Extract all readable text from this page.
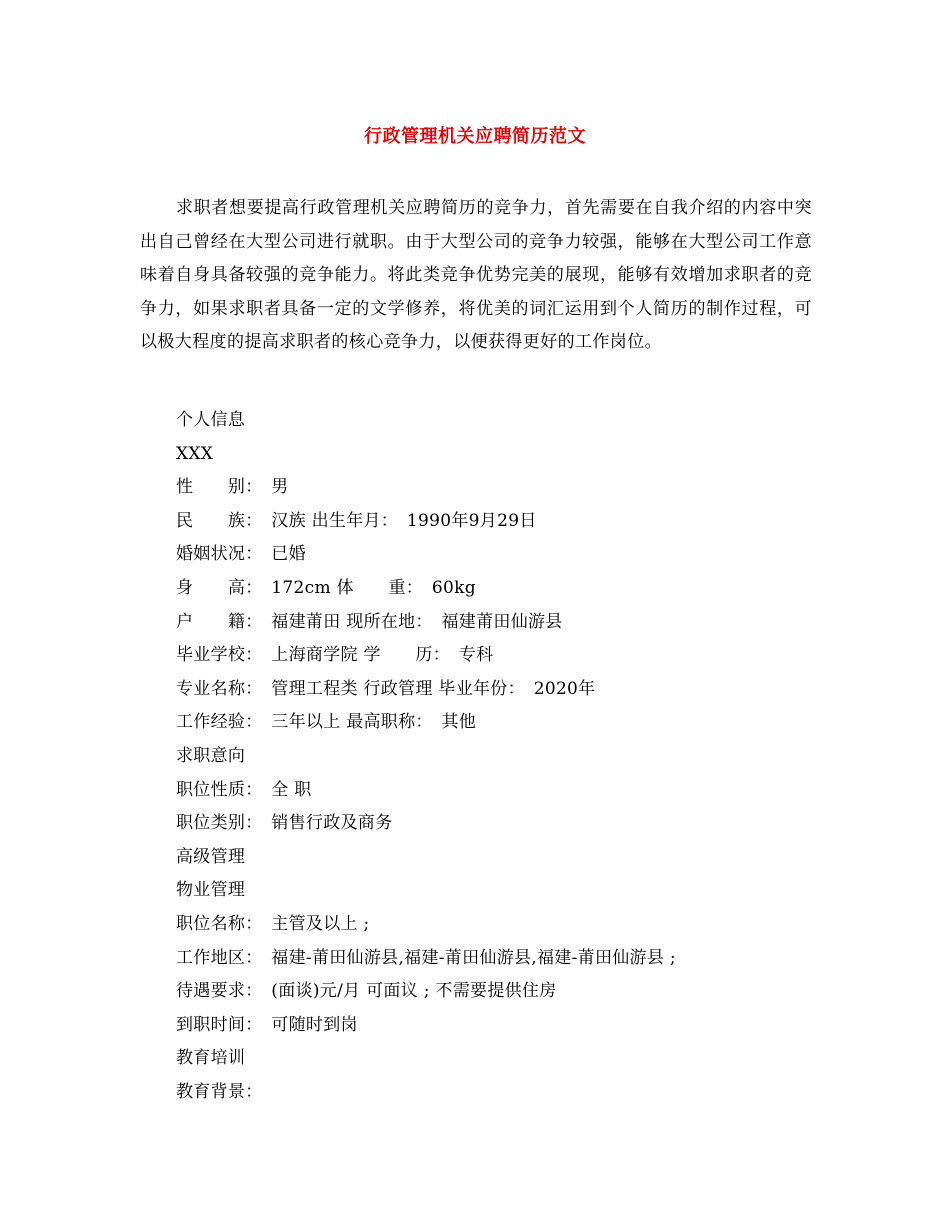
行政管理机关应聘简历范文

求职者想要提高行政管理机关应聘简历的竞争力，首先需要在自我介绍的内容中突出自己曾经在大型公司进行就职。由于大型公司的竞争力较强，能够在大型公司工作意味着自身具备较强的竞争能力。将此类竞争优势完美的展现，能够有效增加求职者的竞争力，如果求职者具备一定的文学修养，将优美的词汇运用到个人简历的制作过程，可以极大程度的提高求职者的核心竞争力，以便获得更好的工作岗位。

个人信息
XXX
性　　别：　男
民　　族：　汉族 出生年月：　1990年9月29日
婚姻状况：　已婚
身　　高：　172cm 体　　重：　60kg
户　　籍：　福建莆田 现所在地：　福建莆田仙游县
毕业学校：　上海商学院 学　　历：　专科
专业名称：　管理工程类 行政管理 毕业年份：　2020年
工作经验：　三年以上 最高职称：　其他
求职意向
职位性质：　全 职
职位类别：　销售行政及商务
高级管理
物业管理
职位名称：　主管及以上 ;
工作地区：　福建-莆田仙游县,福建-莆田仙游县,福建-莆田仙游县 ;
待遇要求：　(面谈)元/月 可面议 ; 不需要提供住房
到职时间：　可随时到岗
教育培训
教育背景：
